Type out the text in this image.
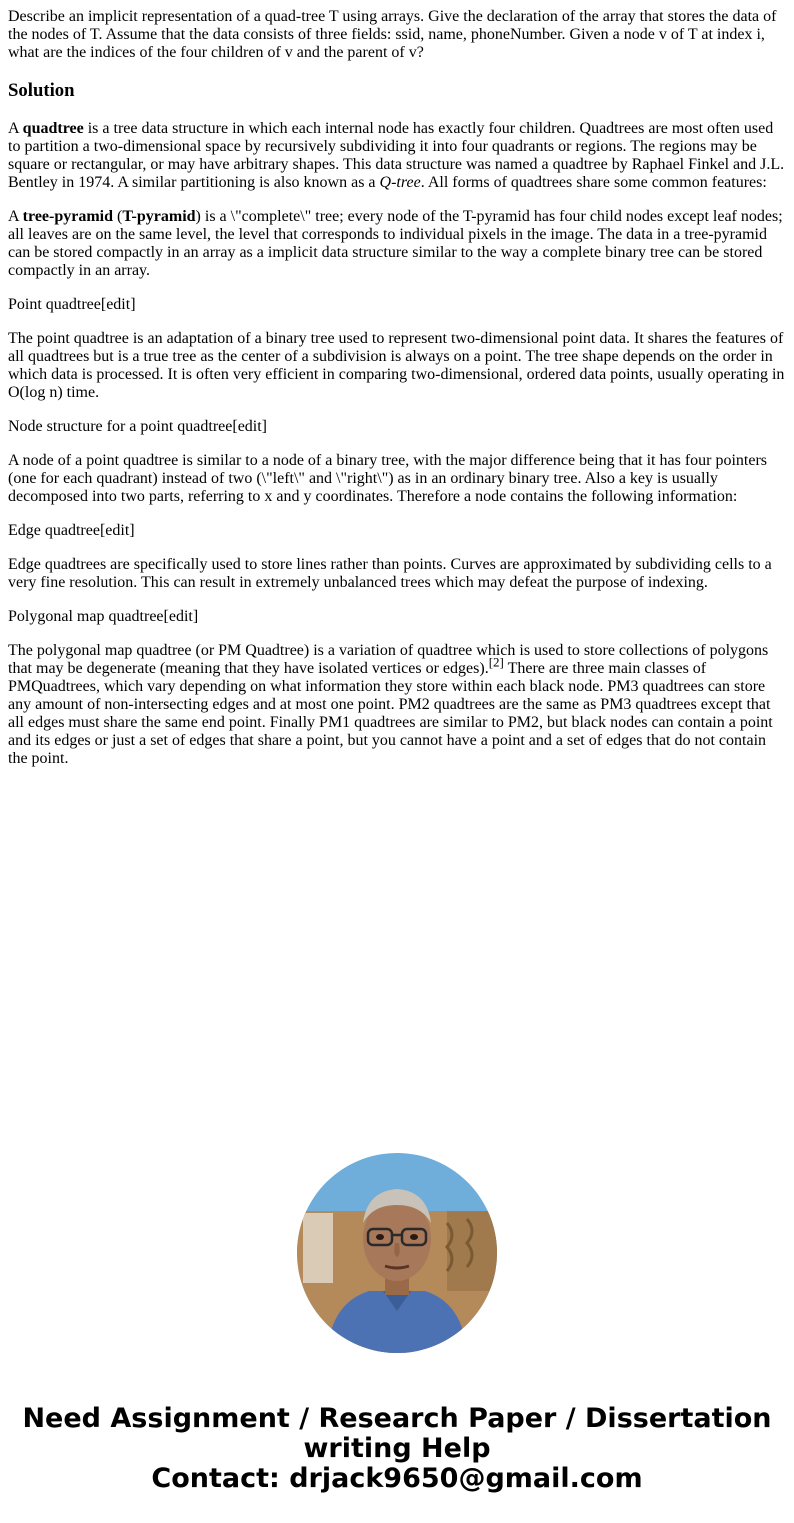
Describe an implicit representation of a quad-tree T using arrays. Give the declaration of the array that stores the data of the nodes of T. Assume that the data consists of three fields: ssid, name, phoneNumber. Given a node v of T at index i, what are the indices of the four children of v and the parent of v?

Solution

A quadtree is a tree data structure in which each internal node has exactly four children. Quadtrees are most often used to partition a two-dimensional space by recursively subdividing it into four quadrants or regions. The regions may be square or rectangular, or may have arbitrary shapes. This data structure was named a quadtree by Raphael Finkel and J.L. Bentley in 1974. A similar partitioning is also known as a Q-tree. All forms of quadtrees share some common features:

A tree-pyramid (T-pyramid) is a \"complete\" tree; every node of the T-pyramid has four child nodes except leaf nodes; all leaves are on the same level, the level that corresponds to individual pixels in the image. The data in a tree-pyramid can be stored compactly in an array as a implicit data structure similar to the way a complete binary tree can be stored compactly in an array.

Point quadtree[edit]

The point quadtree is an adaptation of a binary tree used to represent two-dimensional point data. It shares the features of all quadtrees but is a true tree as the center of a subdivision is always on a point. The tree shape depends on the order in which data is processed. It is often very efficient in comparing two-dimensional, ordered data points, usually operating in O(log n) time.

Node structure for a point quadtree[edit]

A node of a point quadtree is similar to a node of a binary tree, with the major difference being that it has four pointers (one for each quadrant) instead of two (\"left\" and \"right\") as in an ordinary binary tree. Also a key is usually decomposed into two parts, referring to x and y coordinates. Therefore a node contains the following information:

Edge quadtree[edit]

Edge quadtrees are specifically used to store lines rather than points. Curves are approximated by subdividing cells to a very fine resolution. This can result in extremely unbalanced trees which may defeat the purpose of indexing.

Polygonal map quadtree[edit]

The polygonal map quadtree (or PM Quadtree) is a variation of quadtree which is used to store collections of polygons that may be degenerate (meaning that they have isolated vertices or edges).[2] There are three main classes of PMQuadtrees, which vary depending on what information they store within each black node. PM3 quadtrees can store any amount of non-intersecting edges and at most one point. PM2 quadtrees are the same as PM3 quadtrees except that all edges must share the same end point. Finally PM1 quadtrees are similar to PM2, but black nodes can contain a point and its edges or just a set of edges that share a point, but you cannot have a point and a set of edges that do not contain the point.

Need Assignment / Research Paper / Dissertation
writing Help
Contact: drjack9650@gmail.com
